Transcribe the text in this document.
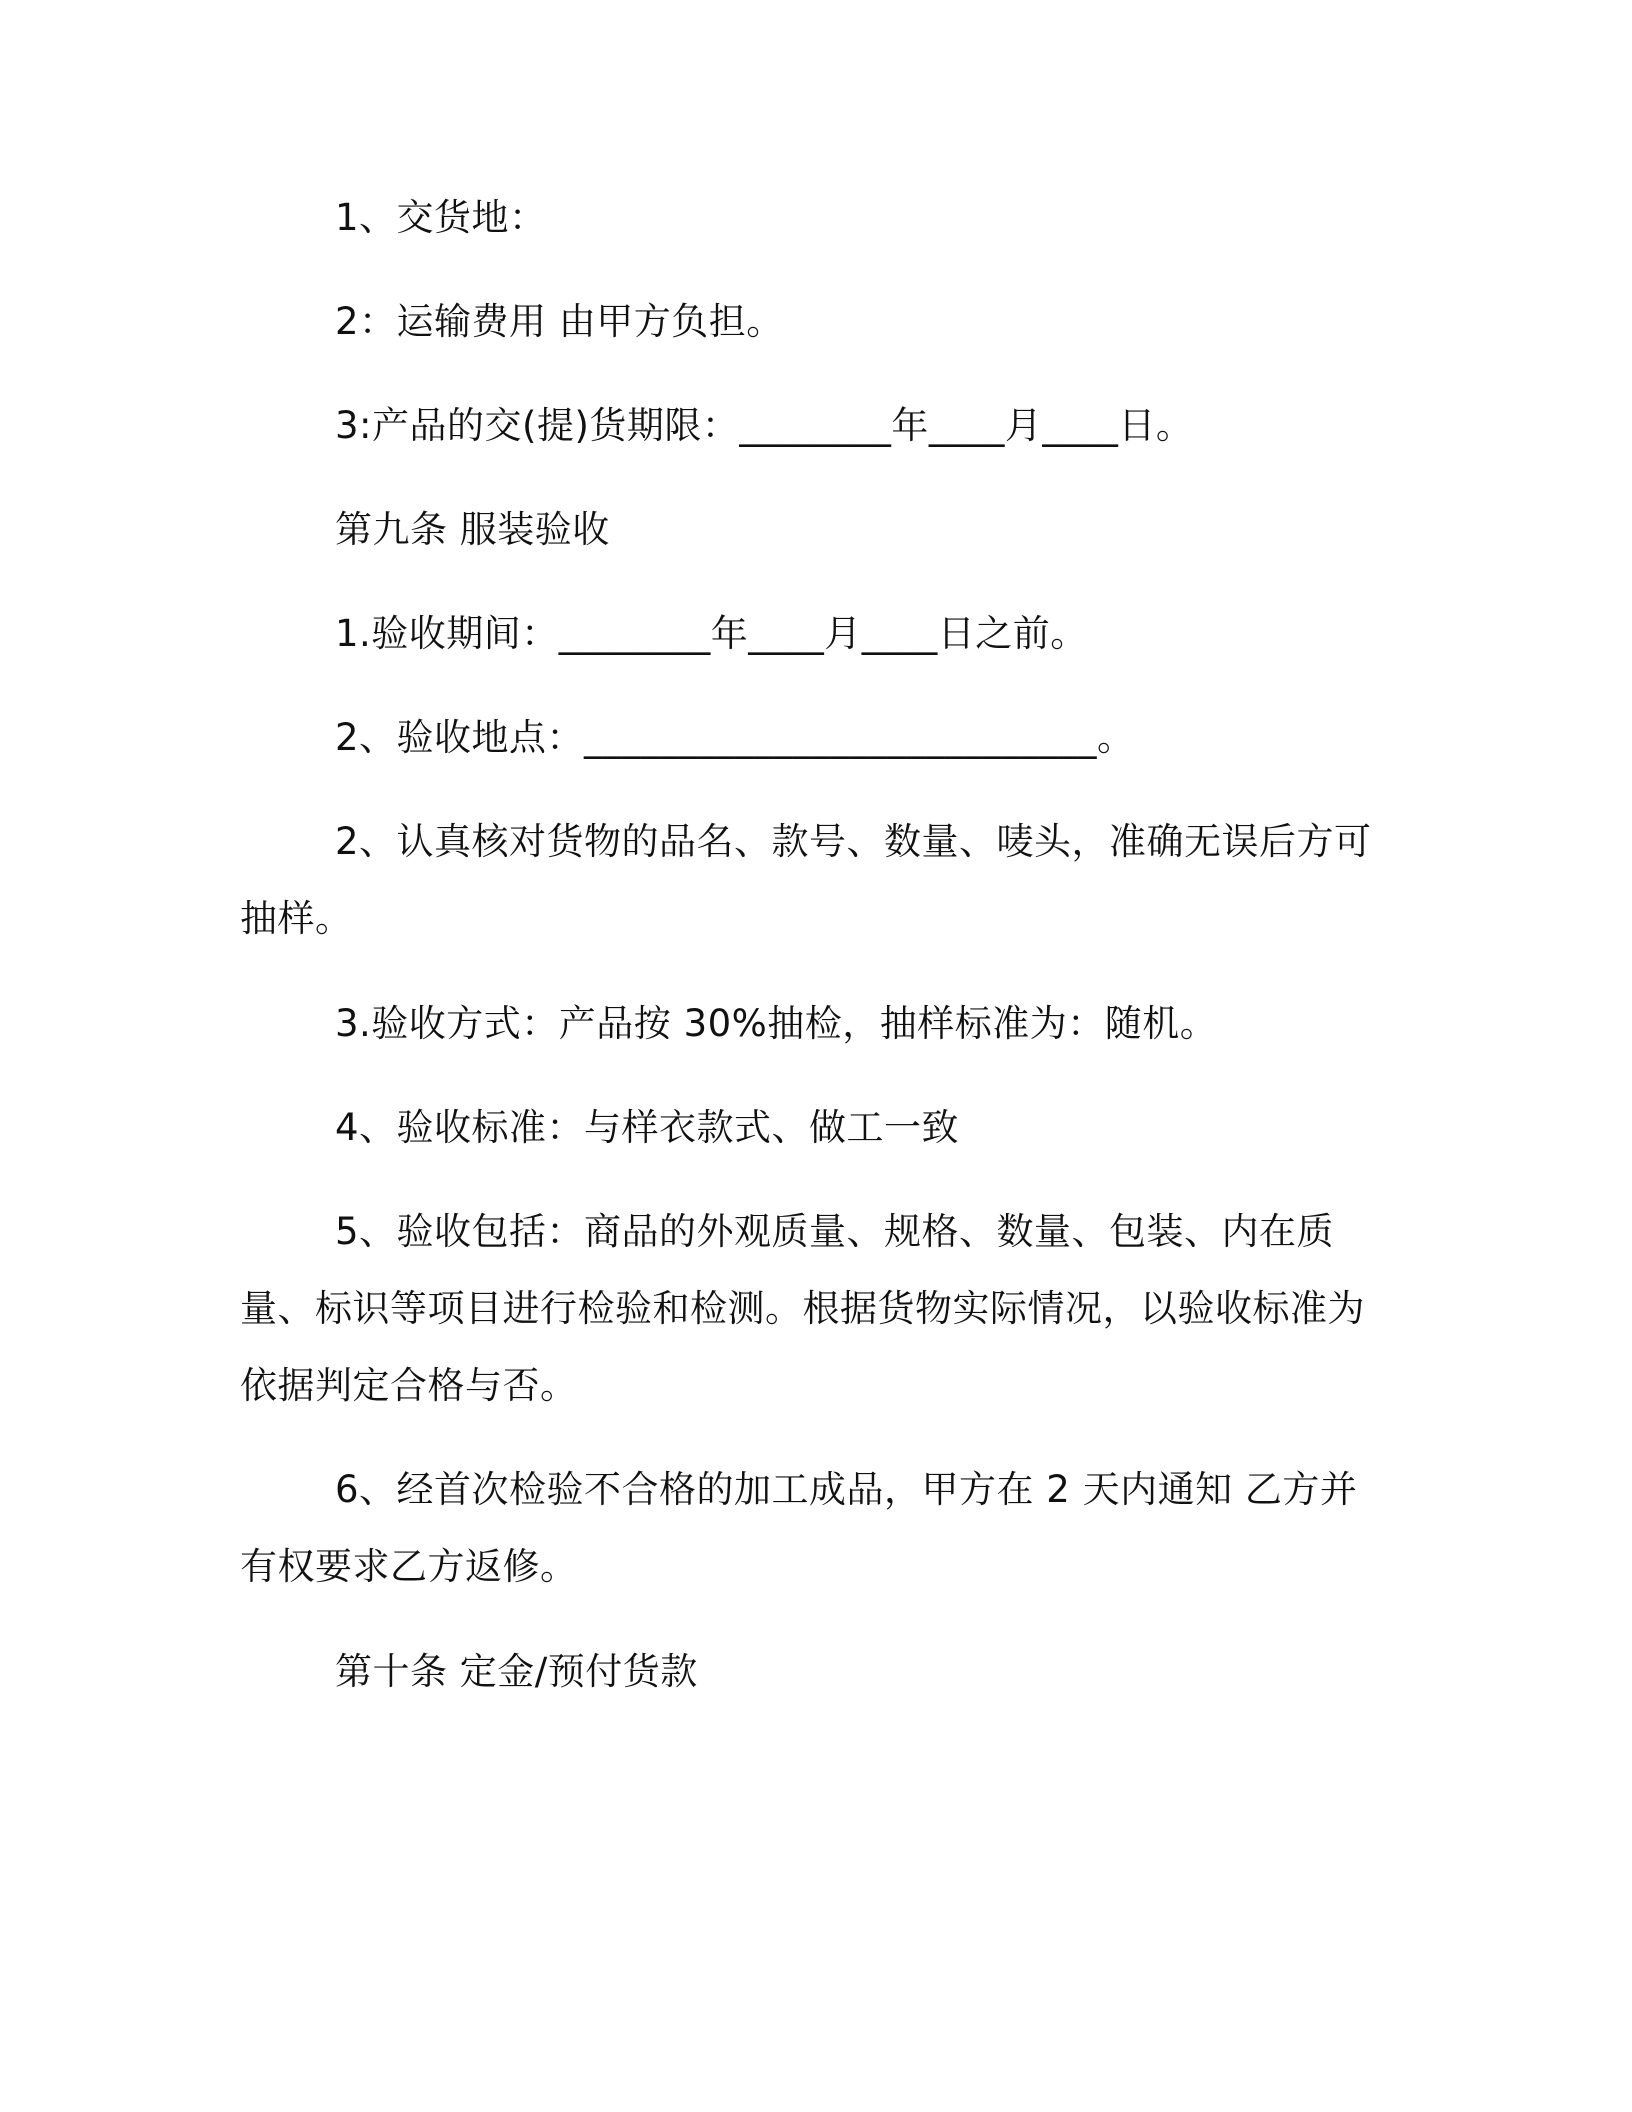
1、交货地：

2：运输费用 由甲方负担。

3:产品的交(提)货期限：________年____月____日。

第九条 服装验收

1.验收期间：________年____月____日之前。

2、验收地点：___________________________。

2、认真核对货物的品名、款号、数量、唛头，准确无误后方可抽样。

3.验收方式：产品按 30%抽检，抽样标准为：随机。

4、验收标准：与样衣款式、做工一致

5、验收包括：商品的外观质量、规格、数量、包装、内在质量、标识等项目进行检验和检测。根据货物实际情况，以验收标准为依据判定合格与否。

6、经首次检验不合格的加工成品，甲方在 2 天内通知 乙方并有权要求乙方返修。

第十条 定金/预付货款
